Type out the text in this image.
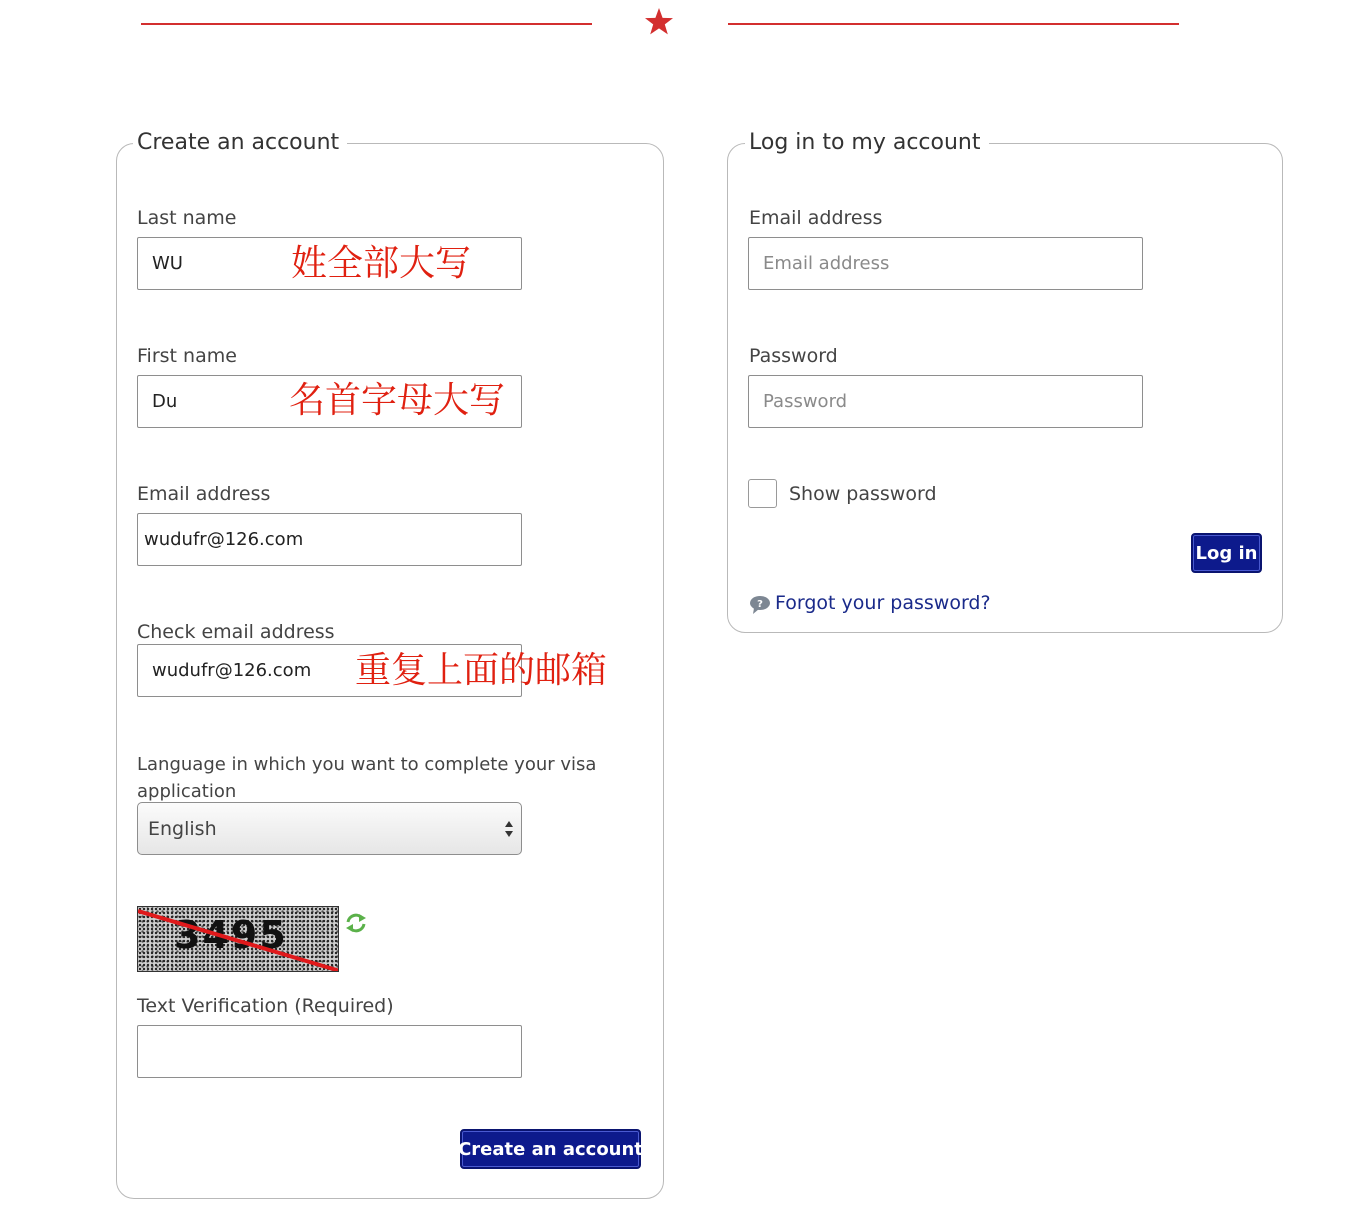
Create an account
Last name
WU	姓全部大写
First name
Du	名首字母大写
Email address
wudufr@126.com
Check email address
wudufr@126.com 重复上面的邮箱
Language in which you want to complete your visa application
English
3495
Text Verification (Required)
Create an account
Log in to my account
Email address
Email address
Password
Password
Show password
Log in
? Forgot your password?
